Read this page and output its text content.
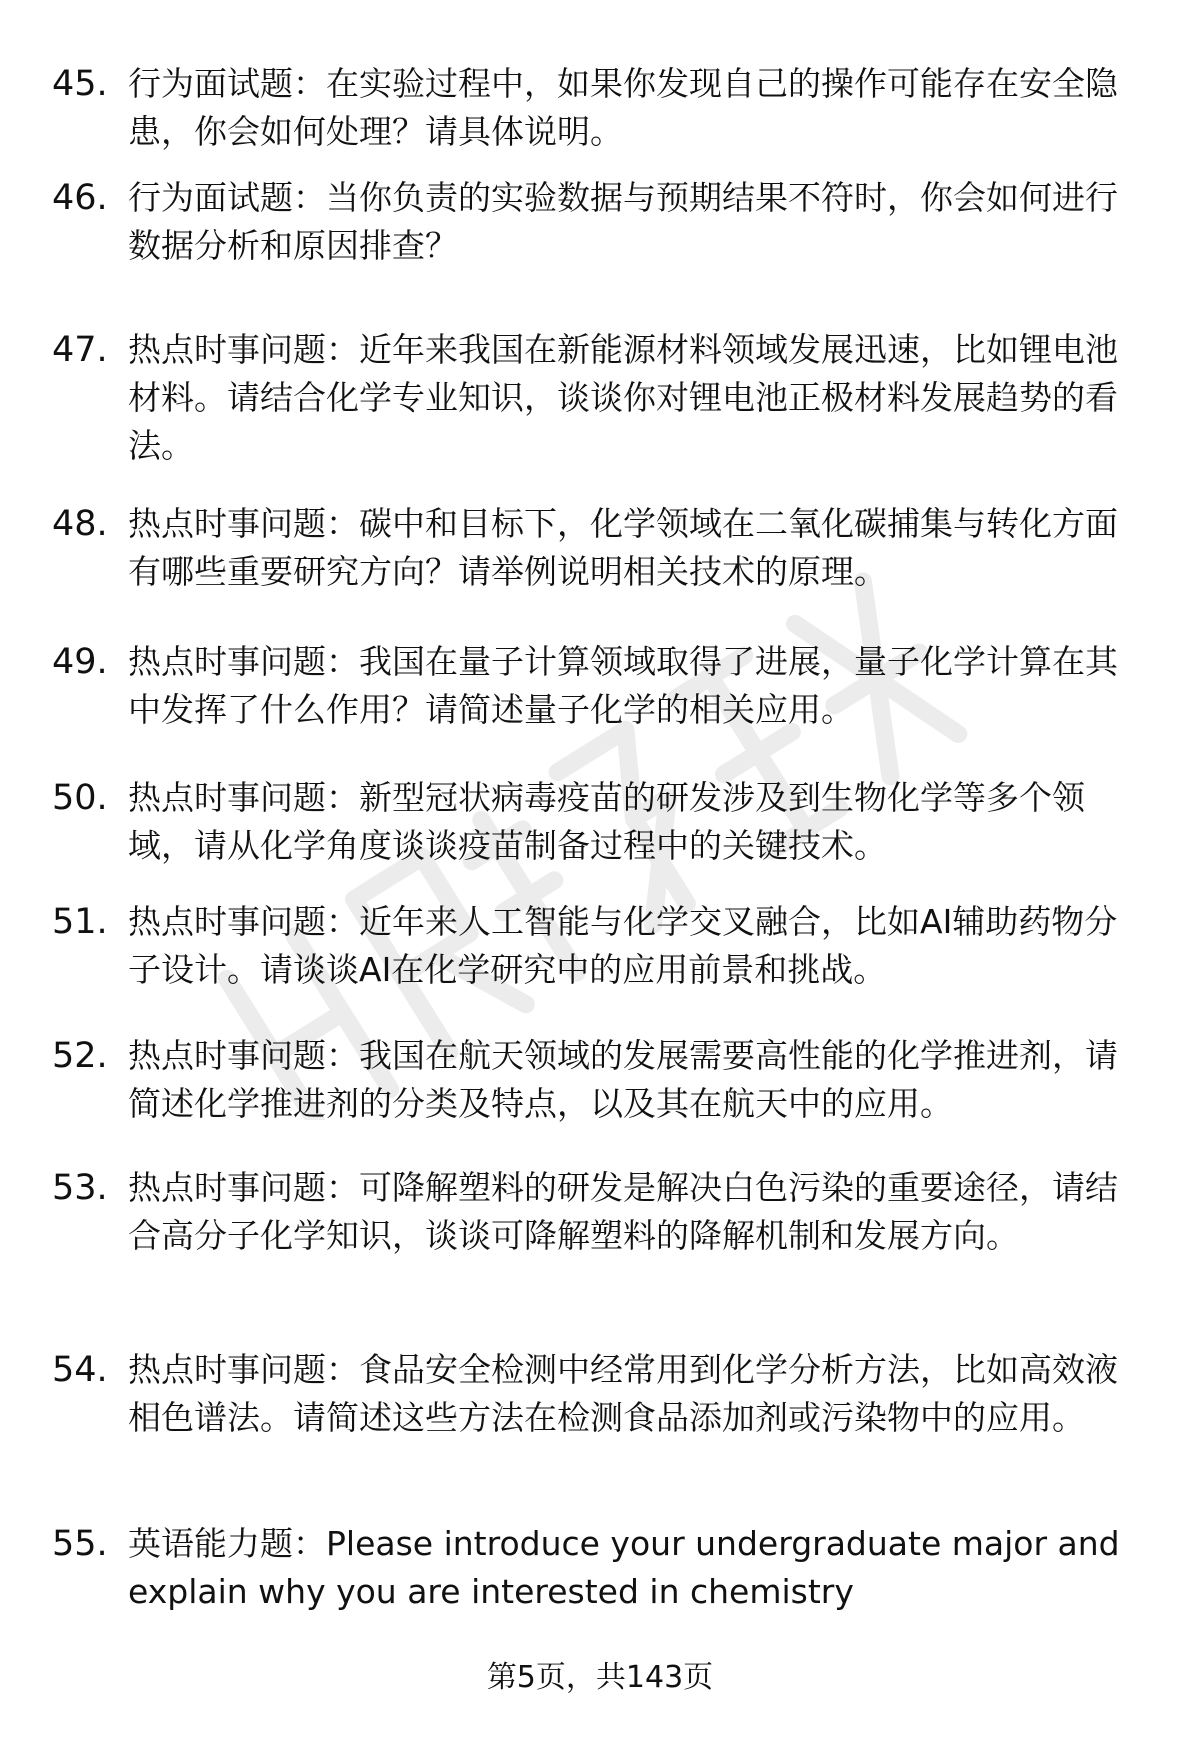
45. 行为面试题：在实验过程中，如果你发现自己的操作可能存在安全隐患，你会如何处理？请具体说明。
46. 行为面试题：当你负责的实验数据与预期结果不符时，你会如何进行数据分析和原因排查？
47. 热点时事问题：近年来我国在新能源材料领域发展迅速，比如锂电池材料。请结合化学专业知识，谈谈你对锂电池正极材料发展趋势的看法。
48. 热点时事问题：碳中和目标下，化学领域在二氧化碳捕集与转化方面有哪些重要研究方向？请举例说明相关技术的原理。
49. 热点时事问题：我国在量子计算领域取得了进展，量子化学计算在其中发挥了什么作用？请简述量子化学的相关应用。
50. 热点时事问题：新型冠状病毒疫苗的研发涉及到生物化学等多个领域，请从化学角度谈谈疫苗制备过程中的关键技术。
51. 热点时事问题：近年来人工智能与化学交叉融合，比如AI辅助药物分子设计。请谈谈AI在化学研究中的应用前景和挑战。
52. 热点时事问题：我国在航天领域的发展需要高性能的化学推进剂，请简述化学推进剂的分类及特点，以及其在航天中的应用。
53. 热点时事问题：可降解塑料的研发是解决白色污染的重要途径，请结合高分子化学知识，谈谈可降解塑料的降解机制和发展方向。
54. 热点时事问题：食品安全检测中经常用到化学分析方法，比如高效液相色谱法。请简述这些方法在检测食品添加剂或污染物中的应用。
55. 英语能力题：Please introduce your undergraduate major and explain why you are interested in chemistry
第5页，共143页
